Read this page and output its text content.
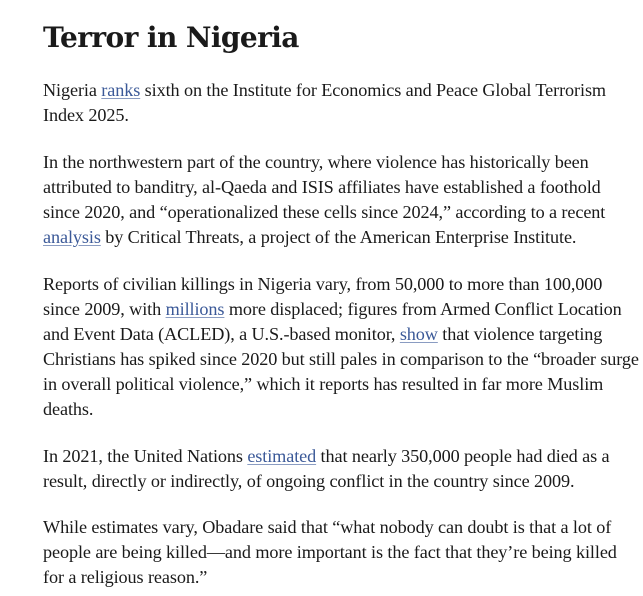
Terror in Nigeria

Nigeria ranks sixth on the Institute for Economics and Peace Global Terrorism Index 2025.

In the northwestern part of the country, where violence has historically been attributed to banditry, al-Qaeda and ISIS affiliates have established a foothold since 2020, and “operationalized these cells since 2024,” according to a recent analysis by Critical Threats, a project of the American Enterprise Institute.

Reports of civilian killings in Nigeria vary, from 50,000 to more than 100,000 since 2009, with millions more displaced; figures from Armed Conflict Location and Event Data (ACLED), a U.S.-based monitor, show that violence targeting Christians has spiked since 2020 but still pales in comparison to the “broader surge in overall political violence,” which it reports has resulted in far more Muslim deaths.

In 2021, the United Nations estimated that nearly 350,000 people had died as a result, directly or indirectly, of ongoing conflict in the country since 2009.

While estimates vary, Obadare said that “what nobody can doubt is that a lot of people are being killed—and more important is the fact that they’re being killed for a religious reason.”
